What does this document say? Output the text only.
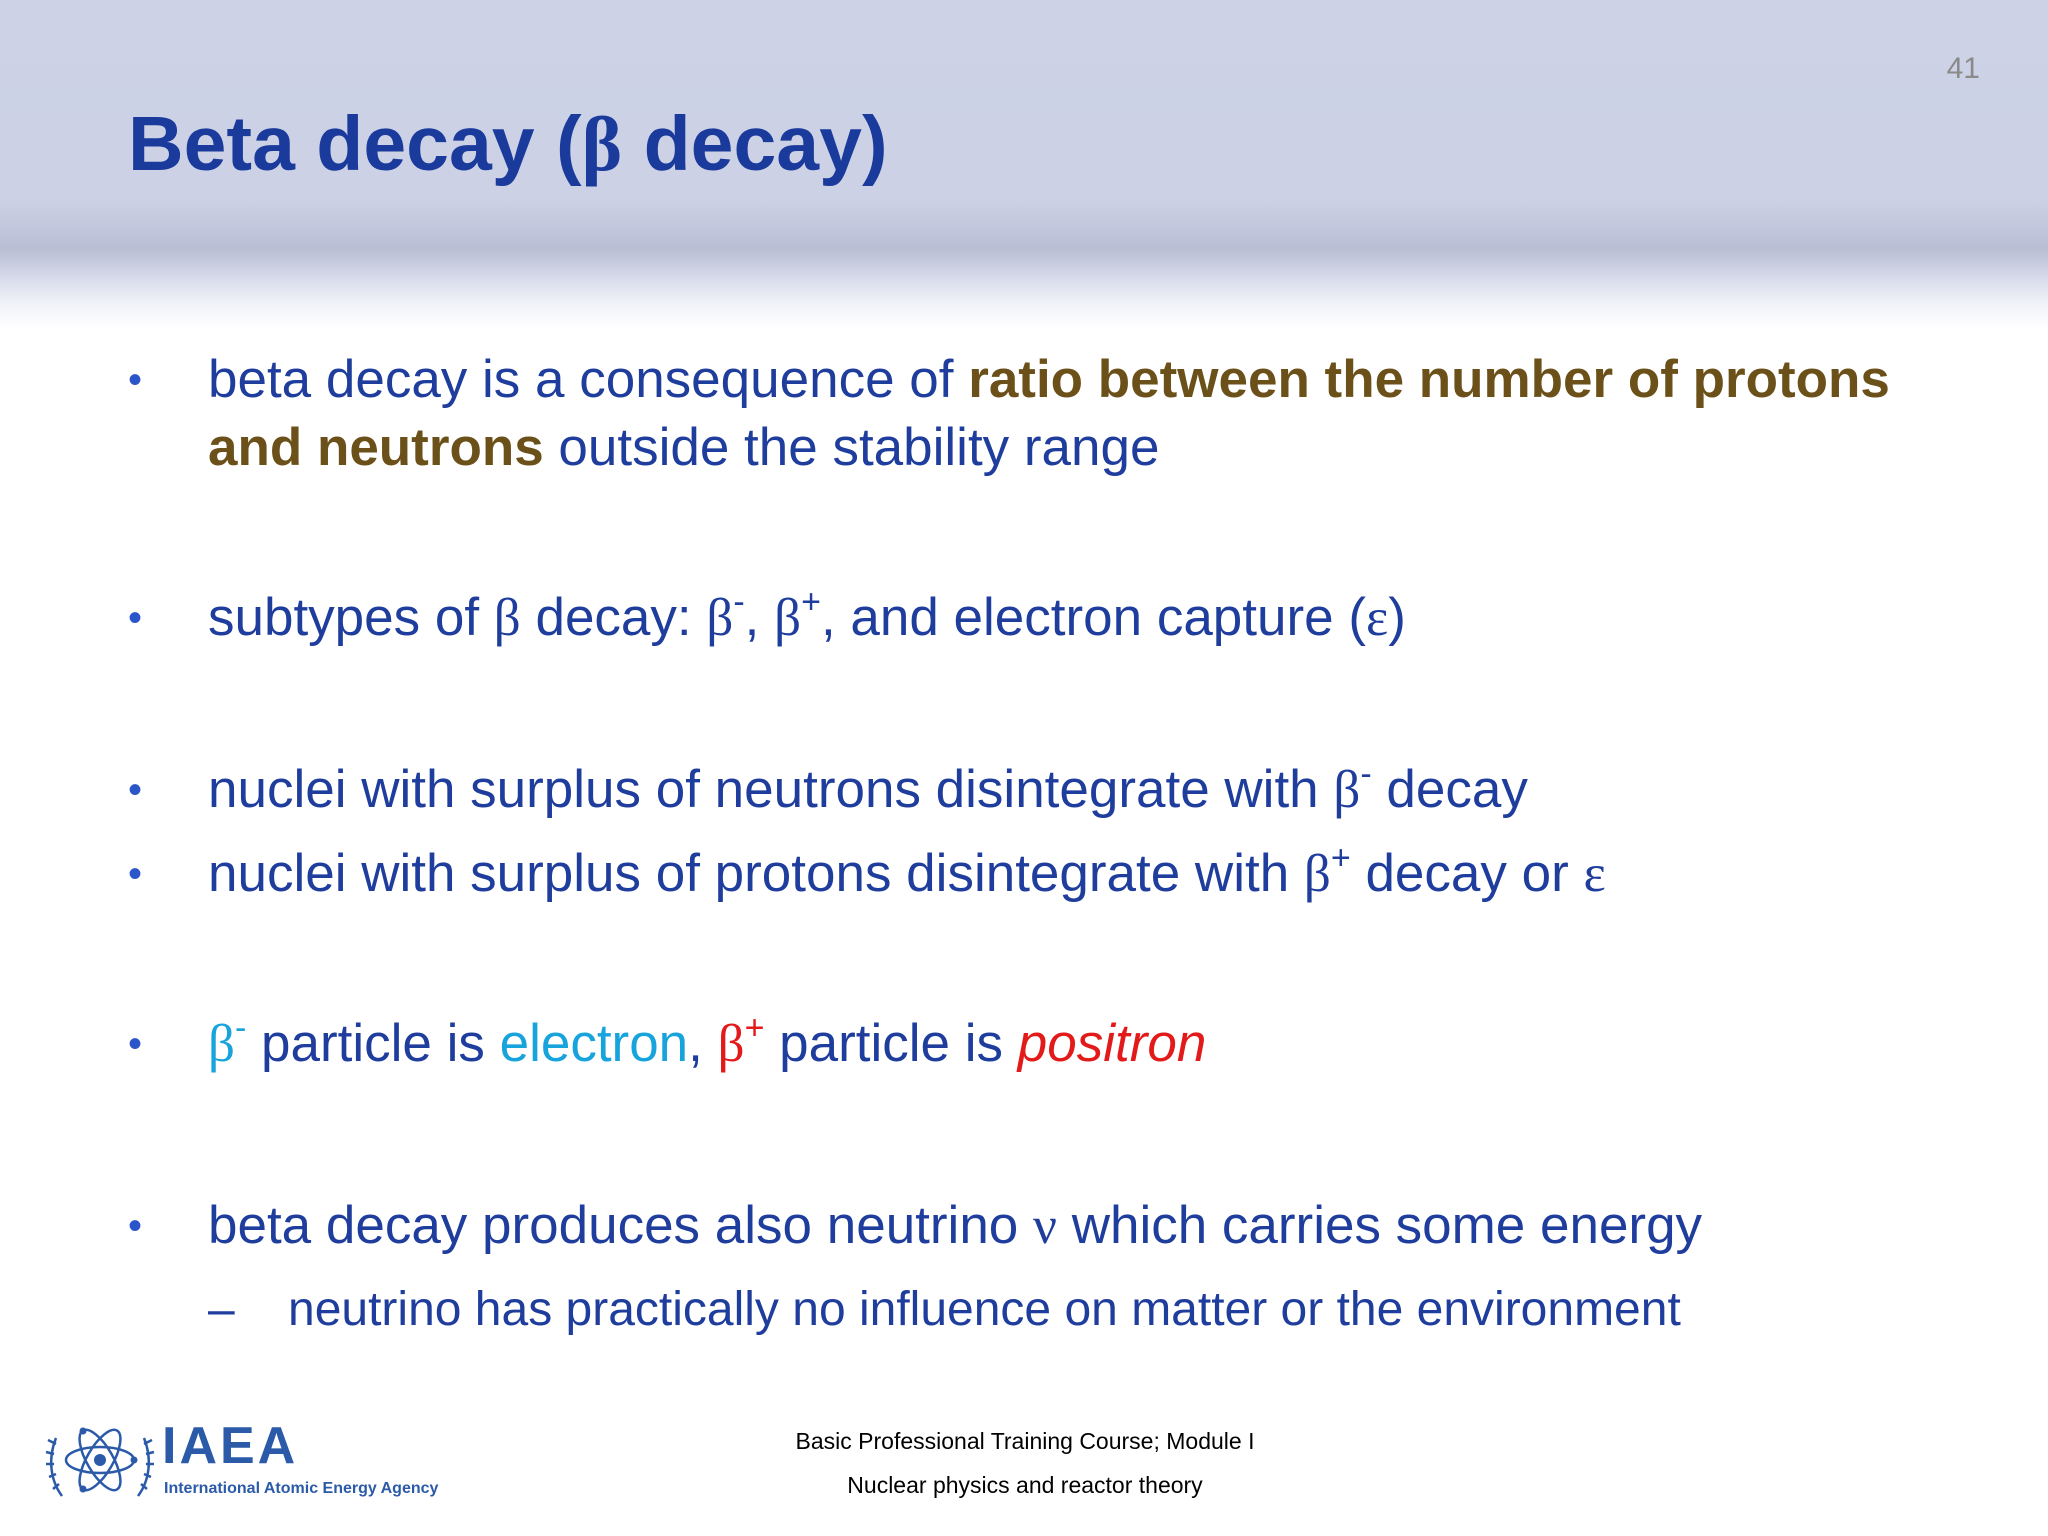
41
Beta decay (β decay)
•	beta decay is a consequence of ratio between the number of protons and neutrons outside the stability range
•	subtypes of β decay: β-, β+, and electron capture (ε)
•	nuclei with surplus of neutrons disintegrate with β- decay
•	nuclei with surplus of protons disintegrate with β+ decay or ε
•	β- particle is electron, β+ particle is positron
•	beta decay produces also neutrino ν which carries some energy
– neutrino has practically no influence on matter or the environment
IAEA
International Atomic Energy Agency
Basic Professional Training Course; Module I
Nuclear physics and reactor theory
